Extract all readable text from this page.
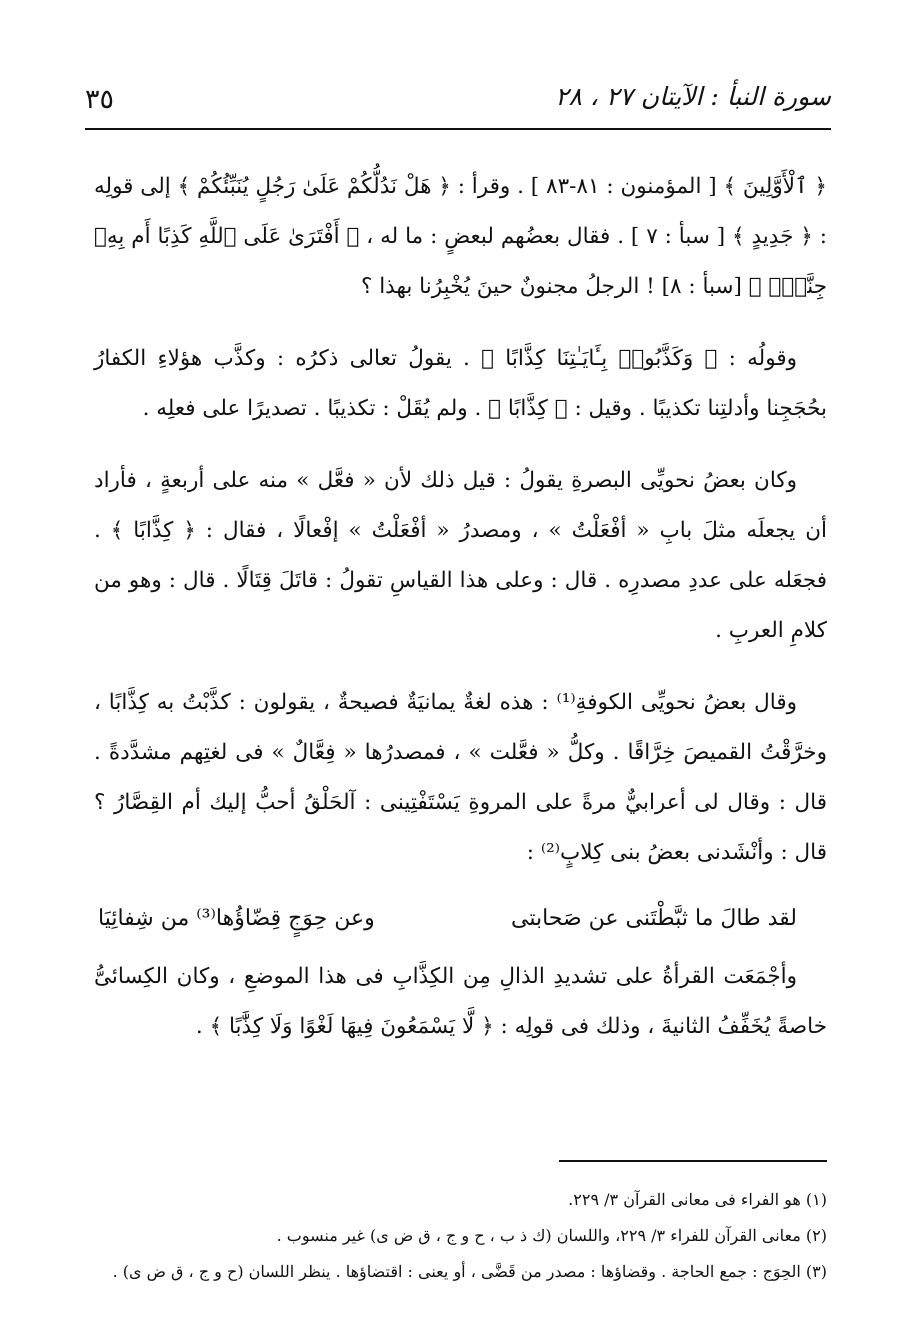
٣٥	سورة النبأ : الآيتان ٢٧ ، ٢٨

﴿ ٱلْأَوَّلِينَ ﴾ [ المؤمنون : ٨١-٨٣ ] . وقرأ : ﴿ هَلْ نَدُلُّكُمْ عَلَىٰ رَجُلٍ يُنَبِّئُكُمْ ﴾ إلى قولِه : ﴿ جَدِيدٍ ﴾ [ سبأ : ٧ ] . فقال بعضُهم لبعضٍ : ما له ، ﴿ أَفْتَرَىٰ عَلَى ٱللَّهِ كَذِبًا أَم بِهِۦ جِنَّةٌۢ ﴾ [سبأ : ٨] ! الرجلُ مجنونٌ حينَ يُخْبِرُنا بهذا ؟

وقولُه : ﴿ وَكَذَّبُوا۟ بِـَٔايَـٰتِنَا كِذَّابًا ﴾ . يقولُ تعالى ذكرُه : وكذَّب هؤلاءِ الكفارُ بحُجَجِنا وأدلتِنا تكذيبًا . وقيل : ﴿ كِذَّابًا ﴾ . ولم يُقَلْ : تكذيبًا . تصديرًا على فعلِه .

وكان بعضُ نحويِّى البصرةِ يقولُ : قيل ذلك لأن « فعَّل » منه على أربعةٍ ، فأراد أن يجعلَه مثلَ بابِ « أفْعَلْتُ » ، ومصدرُ « أفْعَلْتُ » إفْعالًا ، فقال : ﴿ كِذَّابًا ﴾ . فجعَله على عددِ مصدرِه . قال : وعلى هذا القياسِ تقولُ : قاتَلَ قِتَالًا . قال : وهو من كلامِ العربِ .

وقال بعضُ نحويِّى الكوفةِ⁽¹⁾ : هذه لغةٌ يمانيَةٌ فصيحةٌ ، يقولون : كذَّبْتُ به كِذَّابًا ، وخرَّقْتُ القميصَ خِرَّاقًا . وكلُّ « فعَّلت » ، فمصدرُها « فِعَّالٌ » فى لغتِهم مشدَّدةً . قال : وقال لى أعرابيٌّ مرةً على المروةِ يَسْتَفْتِينى : آلحَلْقُ أحبُّ إليك أم القِصَّارُ ؟ قال : وأنْشَدنى بعضُ بنى كِلابٍ⁽²⁾ :

لقد طالَ ما ثبَّطْتَنى عن صَحابتى
وعن حِوَجٍ قِضّاؤُها⁽³⁾ من شِفائِيَا

وأجْمَعَت القرأةُ على تشديدِ الذالِ مِن الكِذَّابِ فى هذا الموضعِ ، وكان الكِسائىُّ خاصةً يُخَفِّفُ الثانيةَ ، وذلك فى قولِه : ﴿ لَّا يَسْمَعُونَ فِيهَا لَغْوًا وَلَا كِذَّٰبًا ﴾ .

(١) هو الفراء فى معانى القرآن ٣/ ٢٢٩.

(٢) معانى القرآن للفراء ٣/ ٢٢٩، واللسان (ك ذ ب ، ح و ج ، ق ض ى) غير منسوب .

(٣) الحِوَج : جمع الحاجة . وقضاؤها : مصدر من قَضَّى ، أو يعنى : اقتضاؤها . ينظر اللسان (ح و ج ، ق ض ى) .
